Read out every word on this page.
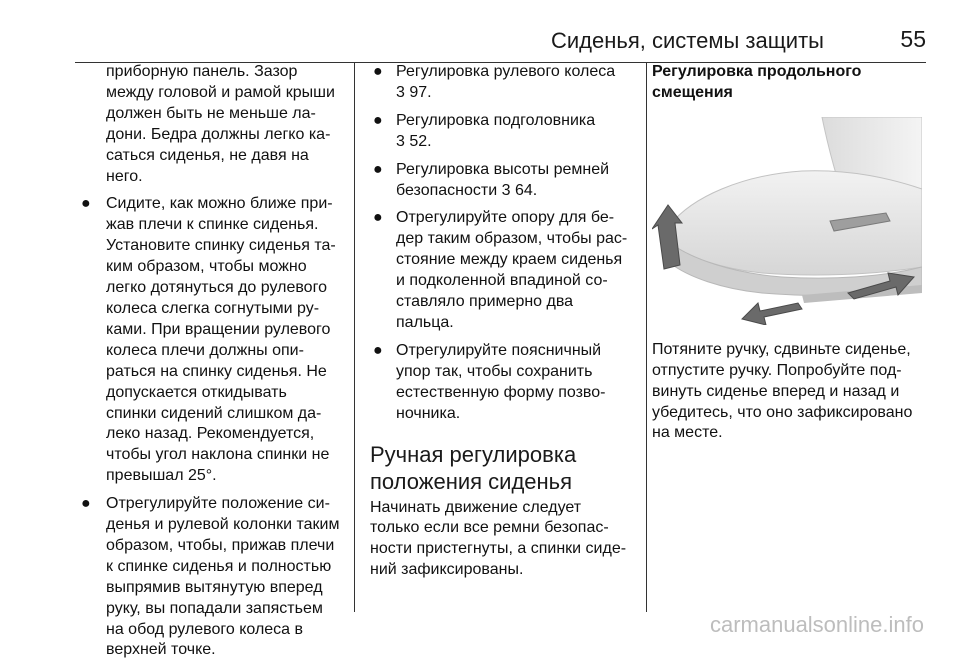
Сиденья, системы защиты	55
приборную панель. Зазор
между головой и рамой крыши
должен быть не меньше ла-
дони. Бедра должны легко ка-
саться сиденья, не давя на
него.
● Сидите, как можно ближе при-
жав плечи к спинке сиденья.
Установите спинку сиденья та-
ким образом, чтобы можно
легко дотянуться до рулевого
колеса слегка согнутыми ру-
ками. При вращении рулевого
колеса плечи должны опи-
раться на спинку сиденья. Не
допускается откидывать
спинки сидений слишком да-
леко назад. Рекомендуется,
чтобы угол наклона спинки не
превышал 25°.
● Отрегулируйте положение си-
денья и рулевой колонки таким
образом, чтобы, прижав плечи
к спинке сиденья и полностью
выпрямив вытянутую вперед
руку, вы попадали запястьем
на обод рулевого колеса в
верхней точке.
● Регулировка рулевого колеса
3 97.
● Регулировка подголовника
3 52.
● Регулировка высоты ремней
безопасности 3 64.
● Отрегулируйте опору для бе-
дер таким образом, чтобы рас-
стояние между краем сиденья
и подколенной впадиной со-
ставляло примерно два
пальца.
● Отрегулируйте поясничный
упор так, чтобы сохранить
естественную форму позво-
ночника.
Ручная регулировка
положения сиденья
Начинать движение следует
только если все ремни безопас-
ности пристегнуты, а спинки сиде-
ний зафиксированы.
Регулировка продольного
смещения
Потяните ручку, сдвиньте сиденье,
отпустите ручку. Попробуйте под-
винуть сиденье вперед и назад и
убедитесь, что оно зафиксировано
на месте.
carmanualsonline.info
